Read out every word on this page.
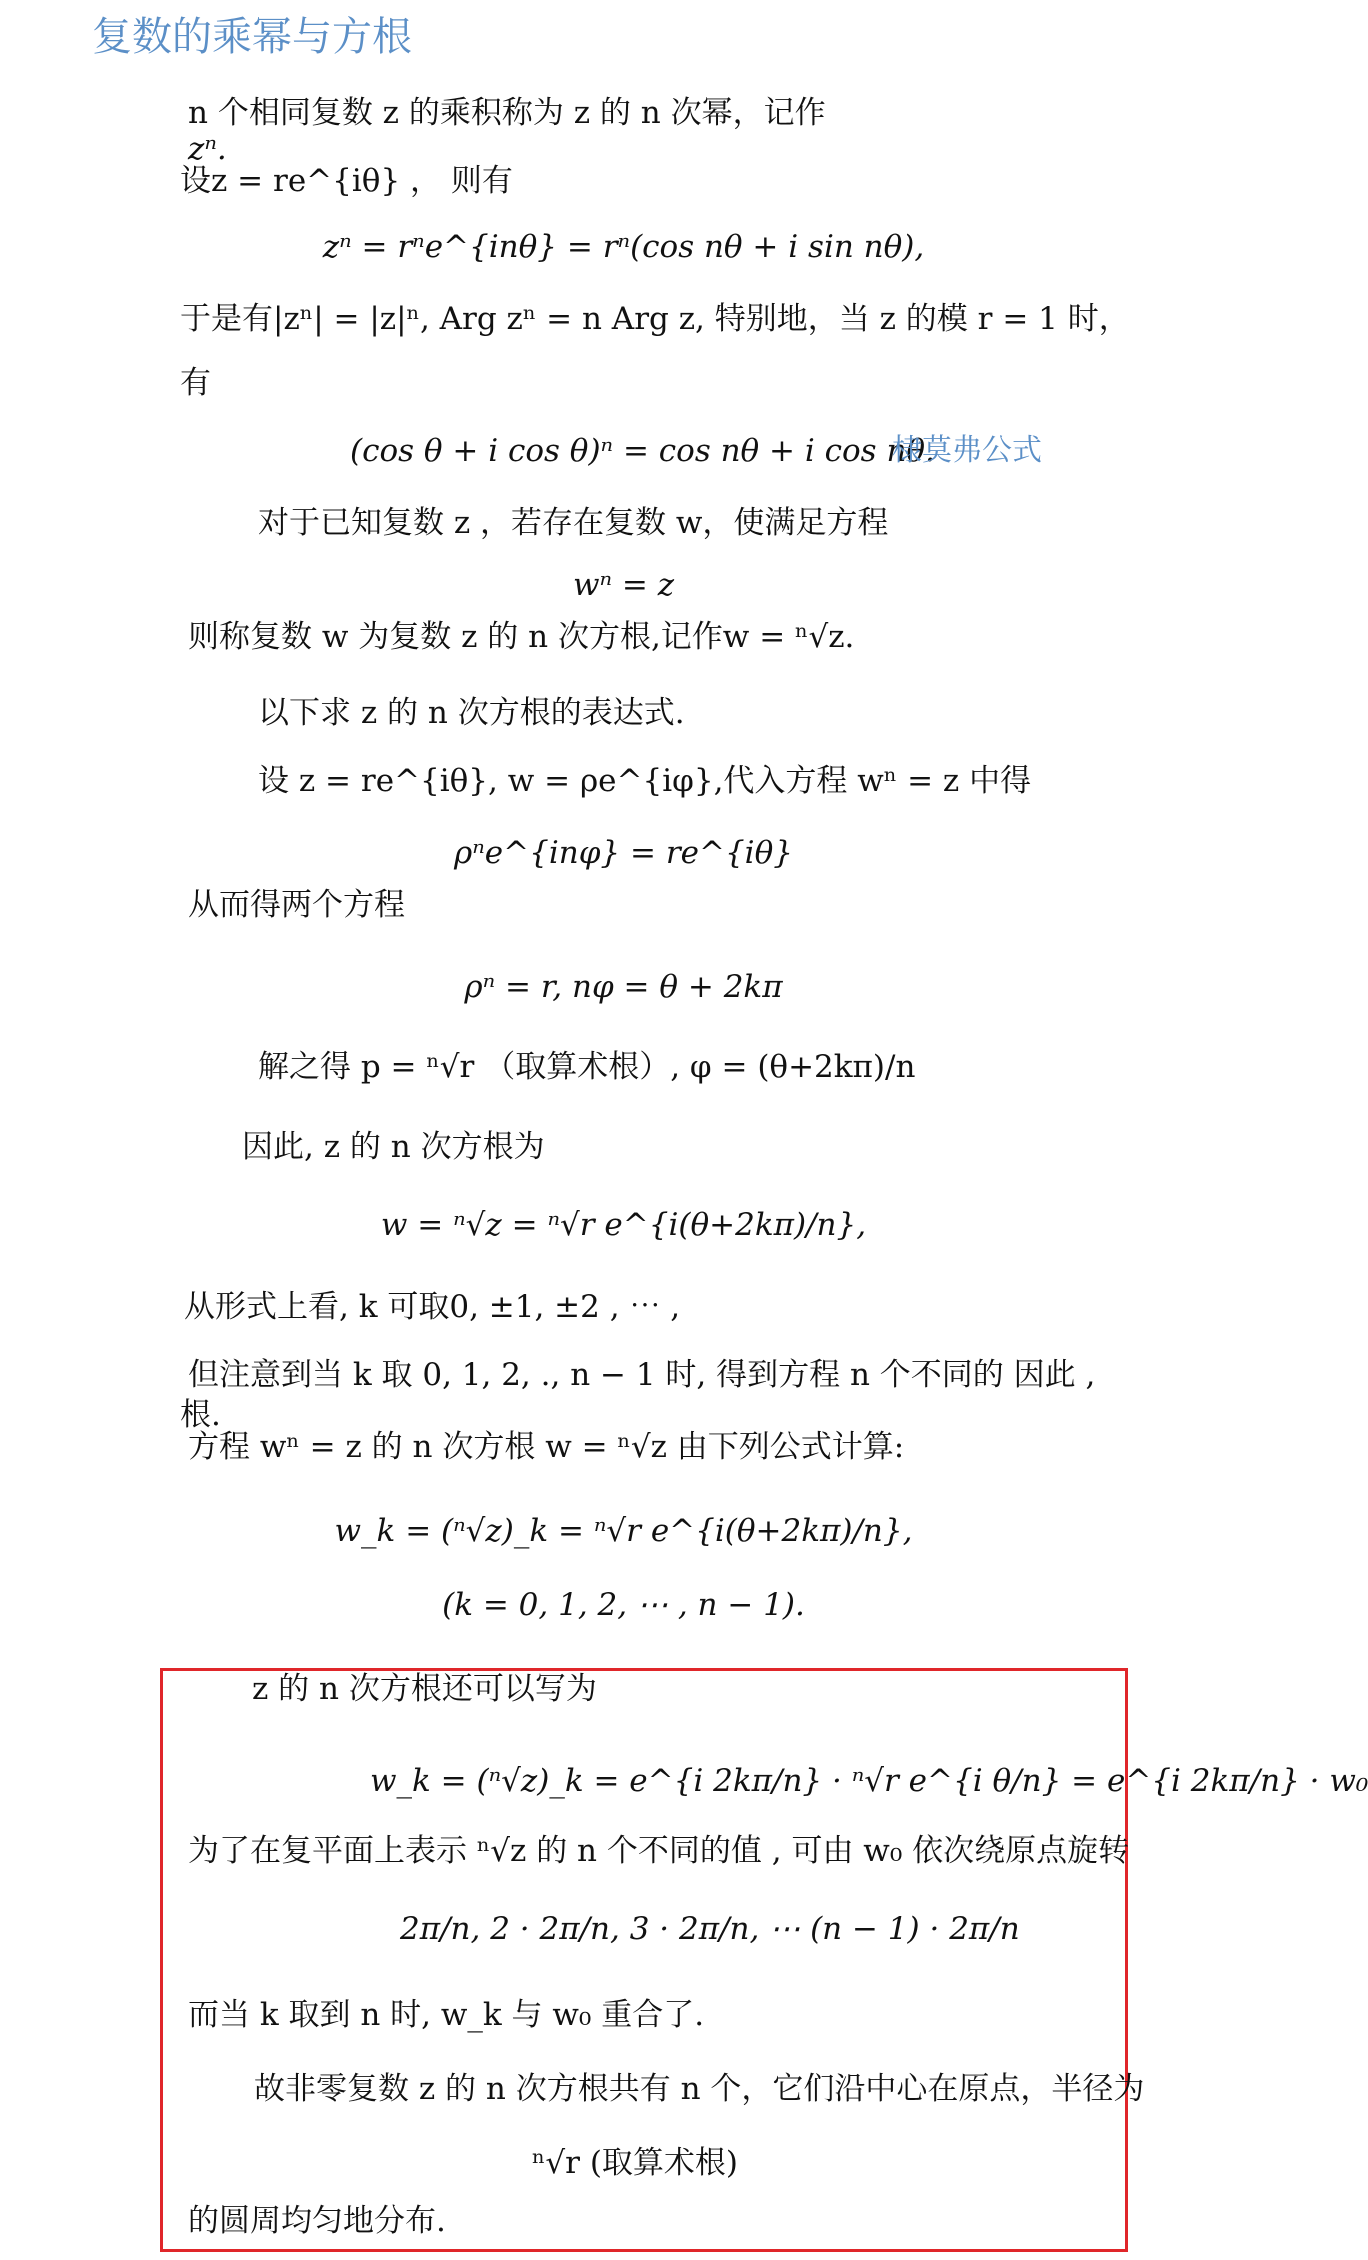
复数的乘幂与方根
n 个相同复数 z 的乘积称为 z 的 n 次幂，记作
zⁿ.
设z = re^{iθ} ， 则有
zⁿ = rⁿe^{inθ} = rⁿ(cos nθ + i sin nθ),
于是有|zⁿ| = |z|ⁿ, Arg zⁿ = n Arg z, 特别地，当 z 的模 r = 1 时，
有
(cos θ + i cos θ)ⁿ = cos nθ + i cos nθ.
棣莫弗公式
对于已知复数 z ，若存在复数 w，使满足方程
wⁿ = z
则称复数 w 为复数 z 的 n 次方根,记作w = ⁿ√z.
以下求 z 的 n 次方根的表达式.
设 z = re^{iθ}, w = ρe^{iφ},代入方程 wⁿ = z 中得
ρⁿe^{inφ} = re^{iθ}
从而得两个方程
ρⁿ = r, nφ = θ + 2kπ
解之得 p = ⁿ√r （取算术根）, φ = (θ+2kπ)/n
因此, z 的 n 次方根为
w = ⁿ√z = ⁿ√r e^{i(θ+2kπ)/n},
从形式上看, k 可取0, ±1, ±2 , ⋯ ,
但注意到当 k 取 0, 1, 2, ., n − 1 时, 得到方程 n 个不同的 因此 ,
根.
方程 wⁿ = z 的 n 次方根 w = ⁿ√z 由下列公式计算:
w_k = (ⁿ√z)_k = ⁿ√r e^{i(θ+2kπ)/n},
(k = 0, 1, 2, ⋯ , n − 1).
z 的 n 次方根还可以写为
w_k = (ⁿ√z)_k = e^{i 2kπ/n} · ⁿ√r e^{i θ/n} = e^{i 2kπ/n} · w₀
为了在复平面上表示 ⁿ√z 的 n 个不同的值 , 可由 w₀ 依次绕原点旋转
2π/n, 2 · 2π/n, 3 · 2π/n, ⋯ (n − 1) · 2π/n
而当 k 取到 n 时, w_k 与 w₀ 重合了.
故非零复数 z 的 n 次方根共有 n 个，它们沿中心在原点，半径为
ⁿ√r (取算术根)
的圆周均匀地分布.
